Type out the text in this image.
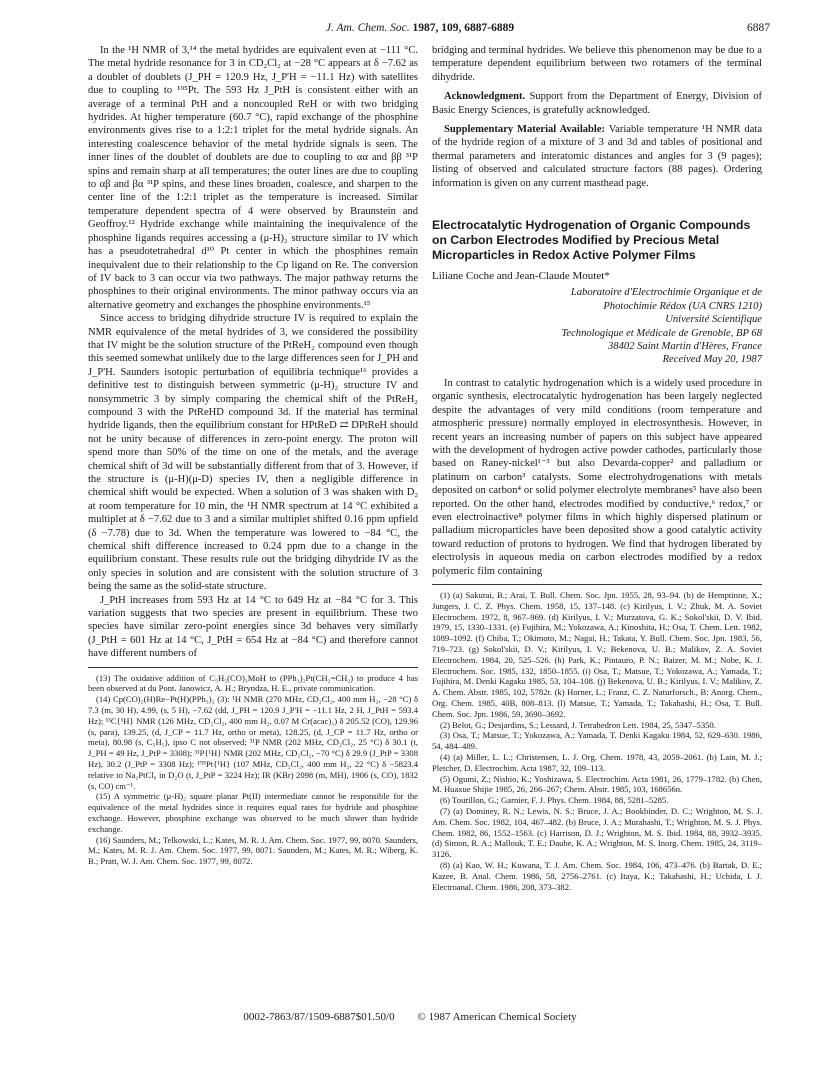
J. Am. Chem. Soc. 1987, 109, 6887-6889	6887

In the ¹H NMR of 3,¹⁴ the metal hydrides are equivalent even at −111 °C. The metal hydride resonance for 3 in CD₂Cl₂ at −28 °C appears at δ −7.62 as a doublet of doublets (J_PH = 120.9 Hz, J_P'H = −11.1 Hz) with satellites due to coupling to ¹⁹⁵Pt. The 593 Hz J_PtH is consistent either with an average of a terminal PtH and a noncoupled ReH or with two bridging hydrides. At higher temperature (60.7 °C), rapid exchange of the phosphine environments gives rise to a 1:2:1 triplet for the metal hydride signals. An interesting coalescence behavior of the metal hydride signals is seen. The inner lines of the doublet of doublets are due to coupling to αα and ββ ³¹P spins and remain sharp at all temperatures; the outer lines are due to coupling to αβ and βα ³¹P spins, and these lines broaden, coalesce, and sharpen to the center line of the 1:2:1 triplet as the temperature is increased. Similar temperature dependent spectra of 4 were observed by Braunstein and Geoffroy.¹² Hydride exchange while maintaining the inequivalence of the phosphine ligands requires accessing a (μ-H)₂ structure similar to IV which has a pseudotetrahedral d¹⁰ Pt center in which the phosphines remain inequivalent due to their relationship to the Cp ligand on Re. The conversion of IV back to 3 can occur via two pathways. The major pathway returns the phosphines to their original environments. The minor pathway occurs via an alternative geometry and exchanges the phosphine environments.¹⁵

Since access to bridging dihydride structure IV is required to explain the NMR equivalence of the metal hydrides of 3, we considered the possibility that IV might be the solution structure of the PtReH₂ compound even though this seemed somewhat unlikely due to the large differences seen for J_PH and J_P'H. Saunders isotopic perturbation of equilibria technique¹⁶ provides a definitive test to distinguish between symmetric (μ-H)₂ structure IV and nonsymmetric 3 by simply comparing the chemical shift of the PtReH₂ compound 3 with the PtReHD compound 3d. If the material has terminal hydride ligands, then the equilibrium constant for HPtReD ⇄ DPtReH should not be unity because of differences in zero-point energy. The proton will spend more than 50% of the time on one of the metals, and the average chemical shift of 3d will be substantially different from that of 3. However, if the structure is (μ-H)(μ-D) species IV, then a negligible difference in chemical shift would be expected. When a solution of 3 was shaken with D₂ at room temperature for 10 min, the ¹H NMR spectrum at 14 °C exhibited a multiplet at δ −7.62 due to 3 and a similar multiplet shifted 0.16 ppm upfield (δ −7.78) due to 3d. When the temperature was lowered to −84 °C, the chemical shift difference increased to 0.24 ppm due to a change in the equilibrium constant. These results rule out the bridging dihydride IV as the only species in solution and are consistent with the solution structure of 3 being the same as the solid-state structure.

J_PtH increases from 593 Hz at 14 °C to 649 Hz at −84 °C for 3. This variation suggests that two species are present in equilibrium. These two species have similar zero-point energies since 3d behaves very similarly (J_PtH = 601 Hz at 14 °C, J_PtH = 654 Hz at −84 °C) and therefore cannot have different numbers of

(13) The oxidative addition of C₅H₅(CO)₃MoH to (PPh₃)₂Pt(CH₂=CH₂) to produce 4 has been observed at du Pont. Janowicz, A. H.; Bryndza, H. E., private communication.

(14) Cp(CO)₂(H)Re−Pt(H)(PPh₃)₂ (3): ¹H NMR (270 MHz, CD₂Cl₂, 400 mm H₂, −28 °C) δ 7.3 (m, 30 H), 4.99, (s, 5 H), −7.62 (dd, J_PH = 120.9 J_P'H = −11.1 Hz, 2 H, J_PtH = 593.4 Hz); ¹³C{¹H} NMR (126 MHz, CD₂Cl₂, 400 mm H₂, 0.07 M Cr(acac)₃) δ 205.52 (CO), 129.96 (s, para), 139.25, (d, J_CP = 11.7 Hz, ortho or meta), 128.25, (d, J_CP = 11.7 Hz, ortho or meta), 80.98 (s, C₅H₅), ipso C not observed; ³¹P NMR (202 MHz, CD₂Cl₂, 25 °C) δ 30.1 (t, J_PH = 49 Hz, J_PtP = 3308); ³¹P{¹H} NMR (202 MHz, CD₂Cl₂, −70 °C) δ 29.9 (J_PtP = 3308 Hz), 30.2 (J_PtP = 3308 Hz); ¹⁹⁵Pt{¹H} (107 MHz, CD₂Cl₂, 400 mm H₂, 22 °C) δ −5823.4 relative to Na₂PtCl₆ in D₂O (t, J_PtP = 3224 Hz); IR (KBr) 2098 (m, MH), 1906 (s, CO), 1832 (s, CO) cm⁻¹.

(15) A symmetric (μ-H)₂ square planar Pt(II) intermediate cannot be responsible for the equivalence of the metal hydrides since it requires equal rates for hydride and phosphine exchange. However, phosphine exchange was observed to be much slower than hydride exchange.

(16) Saunders, M.; Telkowski, L.; Kates, M. R. J. Am. Chem. Soc. 1977, 99, 8070. Saunders, M.; Kates, M. R. J. Am. Chem. Soc. 1977, 99, 8071. Saunders, M.; Kates, M. R.; Wiberg, K. B.; Pratt, W. J. Am. Chem. Soc. 1977, 99, 8072.

bridging and terminal hydrides. We believe this phenomenon may be due to a temperature dependent equilibrium between two rotamers of the terminal dihydride.

Acknowledgment. Support from the Department of Energy, Division of Basic Energy Sciences, is gratefully acknowledged.

Supplementary Material Available: Variable temperature ¹H NMR data of the hydride region of a mixture of 3 and 3d and tables of positional and thermal parameters and interatomic distances and angles for 3 (9 pages); listing of observed and calculated structure factors (88 pages). Ordering information is given on any current masthead page.

Electrocatalytic Hydrogenation of Organic Compounds on Carbon Electrodes Modified by Precious Metal Microparticles in Redox Active Polymer Films
Liliane Coche and Jean-Claude Moutet*
Laboratoire d'Electrochimie Organique et de
Photochimie Rédox (UA CNRS 1210)
Université Scientifique
Technologique et Médicale de Grenoble, BP 68
38402 Saint Martin d'Hères, France
Received May 20, 1987

In contrast to catalytic hydrogenation which is a widely used procedure in organic synthesis, electrocatalytic hydrogenation has been largely neglected despite the advantages of very mild conditions (room temperature and atmospheric pressure) normally employed in electrosynthesis. However, in recent years an increasing number of papers on this subject have appeared with the development of hydrogen active powder cathodes, particularly those based on Raney-nickel¹⁻³ but also Devarda-copper² and palladium or platinum on carbon³ catalysts. Some electrohydrogenations with metals deposited on carbon⁴ or solid polymer electrolyte membranes⁵ have also been reported. On the other hand, electrodes modified by conductive,⁶ redox,⁷ or even electroinactive⁸ polymer films in which highly dispersed platinum or palladium microparticles have been deposited show a good catalytic activity toward reduction of protons to hydrogen. We find that hydrogen liberated by electrolysis in aqueous media on carbon electrodes modified by a redox polymeric film containing

(1) (a) Sakurai, B.; Arai, T. Bull. Chem. Soc. Jpn. 1955, 28, 93–94. (b) de Hemptinne, X.; Jungers, J. C. Z. Phys. Chem. 1958, 15, 137–148. (c) Kirilyus, I. V.; Zhuk, M. A. Soviet Electrochem. 1972, 8, 967–969. (d) Kirilyus, I. V.; Murzatova, G. K.; Sokol'skii, D. V. Ibid. 1979, 15, 1330–1331. (e) Fujihira, M.; Yokozawa, A.; Kinoshita, H.; Osa, T. Chem. Lett. 1982, 1089–1092. (f) Chiba, T.; Okimoto, M.; Nagai, H.; Takata, Y. Bull. Chem. Soc. Jpn. 1983, 56, 719–723. (g) Sokol'skii, D. V.; Kirilyus, I. V.; Bekenova, U. B.; Malikov, Z. A. Soviet Electrochem. 1984, 20, 525–526. (h) Park, K.; Pintauro, P. N.; Baizer, M. M.; Nobe, K. J. Electrochem. Soc. 1985, 132, 1850–1855. (i) Osa, T.; Matsue, T.; Yokozawa, A.; Yamada, T.; Fujihira, M. Denki Kagaku 1985, 53, 104–108. (j) Bekenova, U. B.; Kirilyus, I. V.; Malikov, Z. A. Chem. Abstr. 1985, 102, 5782r. (k) Horner, L.; Franz, C. Z. Naturforsch., B: Anorg. Chem., Org. Chem. 1985, 40B, 808–813. (l) Matsue, T.; Yamada, T.; Takahashi, H.; Osa, T. Bull. Chem. Soc. Jpn. 1986, 59, 3690–3692.

(2) Belot, G.; Desjardins, S.; Lessard, J. Tetrahedron Lett. 1984, 25, 5347–5350.

(3) Osa, T.; Matsue, T.; Yokozawa, A.; Yamada, T. Denki Kagaku 1984, 52, 629–630. 1986, 54, 484–489.

(4) (a) Miller, L. L.; Christensen, L. J. Org. Chem. 1978, 43, 2059–2061. (b) Lain, M. J.; Pletcher, D. Electrochim. Acta 1987, 32, 109–113.

(5) Ogumi, Z.; Nishio, K.; Yoshizawa, S. Electrochim. Acta 1981, 26, 1779–1782. (b) Chen, M. Huaxue Shijie 1985, 26, 266–267; Chem. Abstr. 1985, 103, 168656n.

(6) Tourillon, G.; Garnier, F. J. Phys. Chem. 1984, 88, 5281–5285.

(7) (a) Dominey, R. N.; Lewis, N. S.; Bruce, J. A.; Bookbinder, D. C.; Wrighton, M. S. J. Am. Chem. Soc. 1982, 104, 467–482. (b) Bruce, J. A.; Murahashi, T.; Wrighton, M. S. J. Phys. Chem. 1982, 86, 1552–1563. (c) Harrison, D. J.; Wrighton, M. S. Ibid. 1984, 88, 3932–3935. (d) Simon, R. A.; Mallouk, T. E.; Daube, K. A.; Wrighton, M. S. Inorg. Chem. 1985, 24, 3119–3126.

(8) (a) Kao, W. H.; Kuwana, T. J. Am. Chem. Soc. 1984, 106, 473–476. (b) Bartak, D. E.; Kazee, B. Anal. Chem. 1986, 58, 2756–2761. (c) Itaya, K.; Takahashi, H.; Uchida, I. J. Electroanal. Chem. 1986, 208, 373–382.

0002-7863/87/1509-6887$01.50/0 © 1987 American Chemical Society
